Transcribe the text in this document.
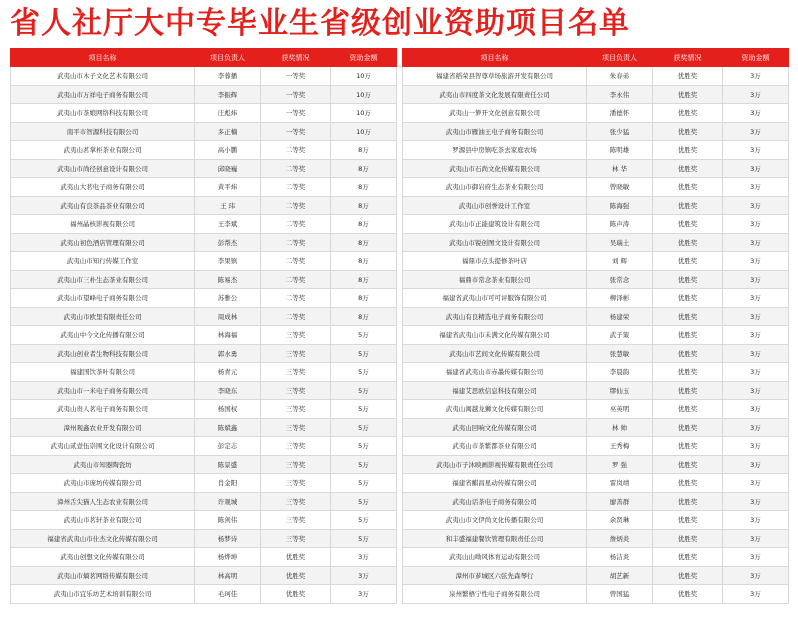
省人社厅大中专毕业生省级创业资助项目名单
项目名称	项目负责人	获奖情况	资助金额
武夷山市木子文化艺术有限公司	李蓉播	一等奖	10万
武夷山市万祥电子商务有限公司	李振辉	一等奖	10万
武夷山市茶娘网络科技有限公司	庄彪炜	一等奖	10万
南平市智源科技有限公司	多正楠	一等奖	10万
武夷山茗掌柜茶业有限公司	高小鹏	二等奖	8万
武夷山市尚径创意设计有限公司	邱晓巍	二等奖	8万
武夷山大茗电子商务有限公司	黄平炜	二等奖	8万
武夷山有良茶品茶业有限公司	王 玮	二等奖	8万
福州晶核影视有限公司	王李斌	二等奖	8万
武夷山初色酒店管理有限公司	彭帮杰	二等奖	8万
武夷山市知行传媒工作室	李果镇	二等奖	8万
武夷山市三朴生态茶业有限公司	陈易杰	二等奖	8万
武夷山市望峰电子商务有限公司	苏雅公	二等奖	8万
武夷山市欧里有限责任公司	周成林	二等奖	8万
武夷山中今文化传播有限公司	林海福	三等奖	5万
武夷山创业者生物科技有限公司	郭水勇	三等奖	5万
福建国饮茶叶有限公司	杨青元	三等奖	5万
武夷山市一米电子商务有限公司	李晓东	三等奖	5万
武夷山贵人茗电子商务有限公司	杨国权	三等奖	5万
漳州观鑫农业开发有限公司	陈斌鑫	三等奖	5万
武夷山贰壹伍崇围文化设计有限公司	彭定志	三等奖	5万
武夷山市知器陶瓷坊	陈景盛	三等奖	5万
武夷山市庞坊传媒有限公司	肖金阳	三等奖	5万
漳州舌尖猫人生态农业有限公司	许观城	三等奖	5万
武夷山市茗轩茶业有限公司	陈剑伟	三等奖	5万
福建省武夷山市仕杰文化传媒有限公司	杨梦诗	三等奖	5万
武夷山创想文化传媒有限公司	杨烨坤	优胜奖	3万
武夷山市熵茗网络传媒有限公司	林高明	优胜奖	3万
武夷山市宜乐坊艺术培训有限公司	毛珂佳	优胜奖	3万
项目名称	项目负责人	获奖情况	资助金额
福建省稻荣县智尊草场旅游开发有限公司	朱春弟	优胜奖	3万
武夷山市四度茶文化发展有限责任公司	李永伟	优胜奖	3万
武夷山一箩开文化创意有限公司	潘德怀	优胜奖	3万
武夷山市雁油王电子商务有限公司	张少猛	优胜奖	3万
罗源县中房镇吃茶去家庭农场	陈明雄	优胜奖	3万
武夷山市石尚文化传媒有限公司	林 华	优胜奖	3万
武夷山市御岩府生态茶业有限公司	曾晓敏	优胜奖	3万
武夷山市创誉设计工作室	陈海强	优胜奖	3万
武夷山市正能建筑设计有限公司	陈声涛	优胜奖	3万
武夷山市锐创图文设计有限公司	吴瑞土	优胜奖	3万
福鼎市点头提修茶叶店	刘 辉	优胜奖	3万
福鼎市常念茶业有限公司	张常念	优胜奖	3万
福建省武夷山市可可评服饰有限公司	柳泽彬	优胜奖	3万
武夷山有良精选电子商务有限公司	杨建荣	优胜奖	3万
福建省武夷山市未满文化传媒有限公司	武子策	优胜奖	3万
武夷山市艺间文化传媒有限公司	张慧敏	优胜奖	3万
福建省武夷山市赤墨传媒有限公司	李晨韵	优胜奖	3万
福建艾思欧信息科技有限公司	缪仙玉	优胜奖	3万
武夷山闽越龙狮文化传媒有限公司	巫英明	优胜奖	3万
武夷山回响文化传媒有限公司	林 帅	优胜奖	3万
武夷山市茶紫都茶业有限公司	王秀梅	优胜奖	3万
武夷山市子沐映画影视传媒有限责任公司	罗 强	优胜奖	3万
福建省麒昌星动传媒有限公司	雷岚靖	优胜奖	3万
武夷山话茶电子商务有限公司	廖善群	优胜奖	3万
武夷山市文伊尚文化传播有限公司	余贤琳	优胜奖	3万
和丰盛福建餐饮管理有限责任公司	詹炳炎	优胜奖	3万
武夷山山呦风体育运动有限公司	杨洁炎	优胜奖	3万
漳州市芗城区六弦先森琴行	胡艺新	优胜奖	3万
泉州繁梧宁性电子商务有限公司	曾国猛	优胜奖	3万
